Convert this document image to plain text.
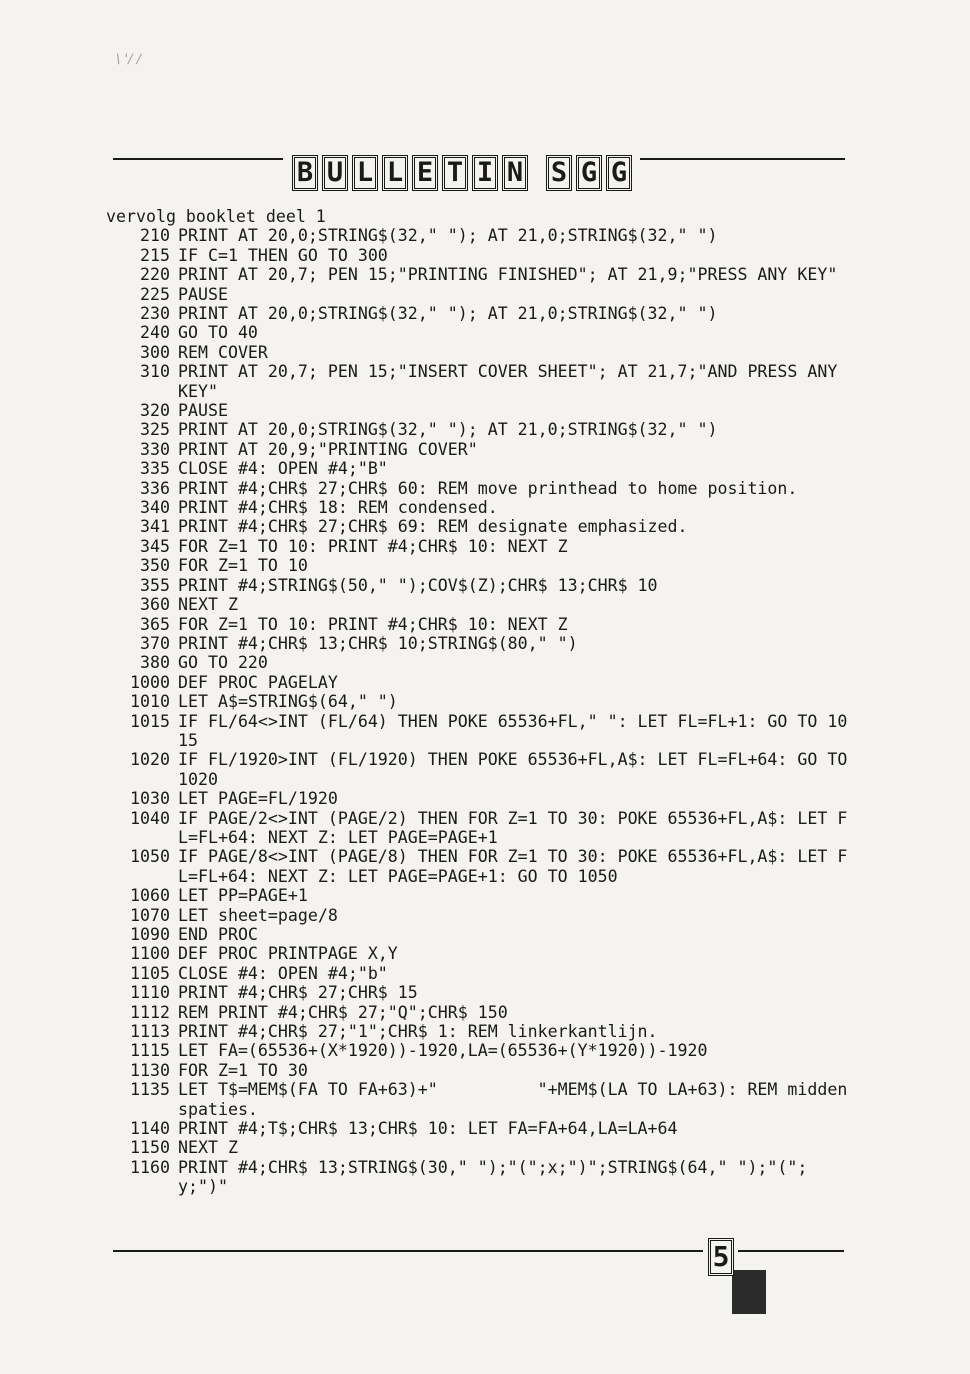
\ '/ /
B U L L E T I N S G G
vervolg booklet deel 1
210 PRINT AT 20,0;STRING$(32," "); AT 21,0;STRING$(32," ")
215 IF C=1 THEN GO TO 300
220 PRINT AT 20,7; PEN 15;"PRINTING FINISHED"; AT 21,9;"PRESS ANY KEY"
225 PAUSE
230 PRINT AT 20,0;STRING$(32," "); AT 21,0;STRING$(32," ")
240 GO TO 40
300 REM COVER
310 PRINT AT 20,7; PEN 15;"INSERT COVER SHEET"; AT 21,7;"AND PRESS ANY KEY"
320 PAUSE
325 PRINT AT 20,0;STRING$(32," "); AT 21,0;STRING$(32," ")
330 PRINT AT 20,9;"PRINTING COVER"
335 CLOSE #4: OPEN #4;"B"
336 PRINT #4;CHR$ 27;CHR$ 60: REM move printhead to home position.
340 PRINT #4;CHR$ 18: REM condensed.
341 PRINT #4;CHR$ 27;CHR$ 69: REM designate emphasized.
345 FOR Z=1 TO 10: PRINT #4;CHR$ 10: NEXT Z
350 FOR Z=1 TO 10
355 PRINT #4;STRING$(50," ");COV$(Z);CHR$ 13;CHR$ 10
360 NEXT Z
365 FOR Z=1 TO 10: PRINT #4;CHR$ 10: NEXT Z
370 PRINT #4;CHR$ 13;CHR$ 10;STRING$(80," ")
380 GO TO 220
1000 DEF PROC PAGELAY
1010 LET A$=STRING$(64," ")
1015 IF FL/64<>INT (FL/64) THEN POKE 65536+FL," ": LET FL=FL+1: GO TO 1015
1020 IF FL/1920>INT (FL/1920) THEN POKE 65536+FL,A$: LET FL=FL+64: GO TO 1020
1030 LET PAGE=FL/1920
1040 IF PAGE/2<>INT (PAGE/2) THEN FOR Z=1 TO 30: POKE 65536+FL,A$: LET FL=FL+64: NEXT Z: LET PAGE=PAGE+1
1050 IF PAGE/8<>INT (PAGE/8) THEN FOR Z=1 TO 30: POKE 65536+FL,A$: LET FL=FL+64: NEXT Z: LET PAGE=PAGE+1: GO TO 1050
1060 LET PP=PAGE+1
1070 LET sheet=page/8
1090 END PROC
1100 DEF PROC PRINTPAGE X,Y
1105 CLOSE #4: OPEN #4;"b"
1110 PRINT #4;CHR$ 27;CHR$ 15
1112 REM PRINT #4;CHR$ 27;"Q";CHR$ 150
1113 PRINT #4;CHR$ 27;"1";CHR$ 1: REM linkerkantlijn.
1115 LET FA=(65536+(X*1920))-1920,LA=(65536+(Y*1920))-1920
1130 FOR Z=1 TO 30
1135 LET T$=MEM$(FA TO FA+63)+"          "+MEM$(LA TO LA+63): REM midden spaties.
1140 PRINT #4;T$;CHR$ 13;CHR$ 10: LET FA=FA+64,LA=LA+64
1150 NEXT Z
1160 PRINT #4;CHR$ 13;STRING$(30," ");"(";x;")";STRING$(64," ");"(";y;")"
5
